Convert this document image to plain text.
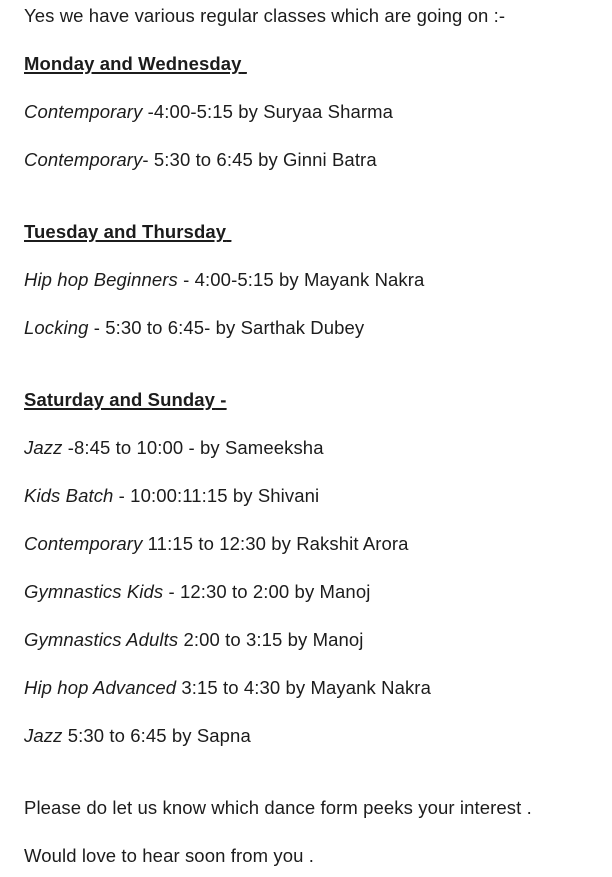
Yes we have various regular classes which are going on :-
Monday and Wednesday
Contemporary -4:00-5:15 by Suryaa Sharma
Contemporary- 5:30 to 6:45 by Ginni Batra
Tuesday and Thursday
Hip hop Beginners - 4:00-5:15 by Mayank Nakra
Locking - 5:30 to 6:45- by Sarthak Dubey
Saturday and Sunday -
Jazz -8:45 to 10:00 - by Sameeksha
Kids Batch - 10:00:11:15 by Shivani
Contemporary 11:15 to 12:30 by Rakshit Arora
Gymnastics Kids - 12:30 to 2:00 by Manoj
Gymnastics Adults 2:00 to 3:15 by Manoj
Hip hop Advanced 3:15 to 4:30 by Mayank Nakra
Jazz 5:30 to 6:45 by Sapna
Please do let us know which dance form peeks your interest .
Would love to hear soon from you .
